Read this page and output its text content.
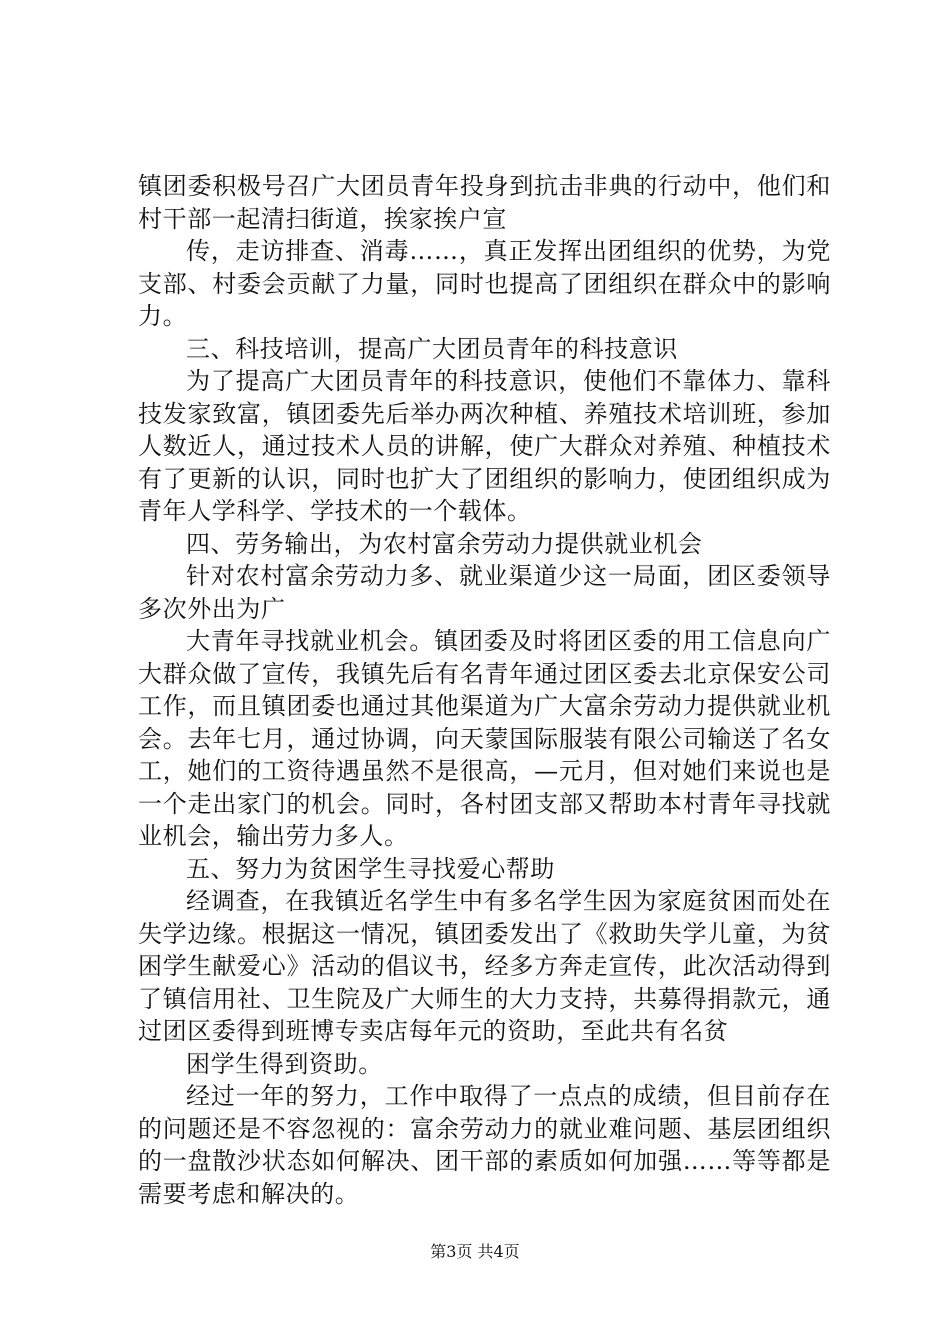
镇团委积极号召广大团员青年投身到抗击非典的行动中，他们和村干部一起清扫街道，挨家挨户宣

传，走访排查、消毒……，真正发挥出团组织的优势，为党支部、村委会贡献了力量，同时也提高了团组织在群众中的影响力。

三、科技培训，提高广大团员青年的科技意识

为了提高广大团员青年的科技意识，使他们不靠体力、靠科技发家致富，镇团委先后举办两次种植、养殖技术培训班，参加人数近人，通过技术人员的讲解，使广大群众对养殖、种植技术有了更新的认识，同时也扩大了团组织的影响力，使团组织成为青年人学科学、学技术的一个载体。

四、劳务输出，为农村富余劳动力提供就业机会

针对农村富余劳动力多、就业渠道少这一局面，团区委领导多次外出为广

大青年寻找就业机会。镇团委及时将团区委的用工信息向广大群众做了宣传，我镇先后有名青年通过团区委去北京保安公司工作，而且镇团委也通过其他渠道为广大富余劳动力提供就业机会。去年七月，通过协调，向天蒙国际服装有限公司输送了名女工，她们的工资待遇虽然不是很高，—元月，但对她们来说也是一个走出家门的机会。同时，各村团支部又帮助本村青年寻找就业机会，输出劳力多人。

五、努力为贫困学生寻找爱心帮助

经调查，在我镇近名学生中有多名学生因为家庭贫困而处在失学边缘。根据这一情况，镇团委发出了《救助失学儿童，为贫困学生献爱心》活动的倡议书，经多方奔走宣传，此次活动得到了镇信用社、卫生院及广大师生的大力支持，共募得捐款元，通过团区委得到班博专卖店每年元的资助，至此共有名贫

困学生得到资助。

经过一年的努力，工作中取得了一点点的成绩，但目前存在的问题还是不容忽视的：富余劳动力的就业难问题、基层团组织的一盘散沙状态如何解决、团干部的素质如何加强……等等都是需要考虑和解决的。

第3页 共4页
